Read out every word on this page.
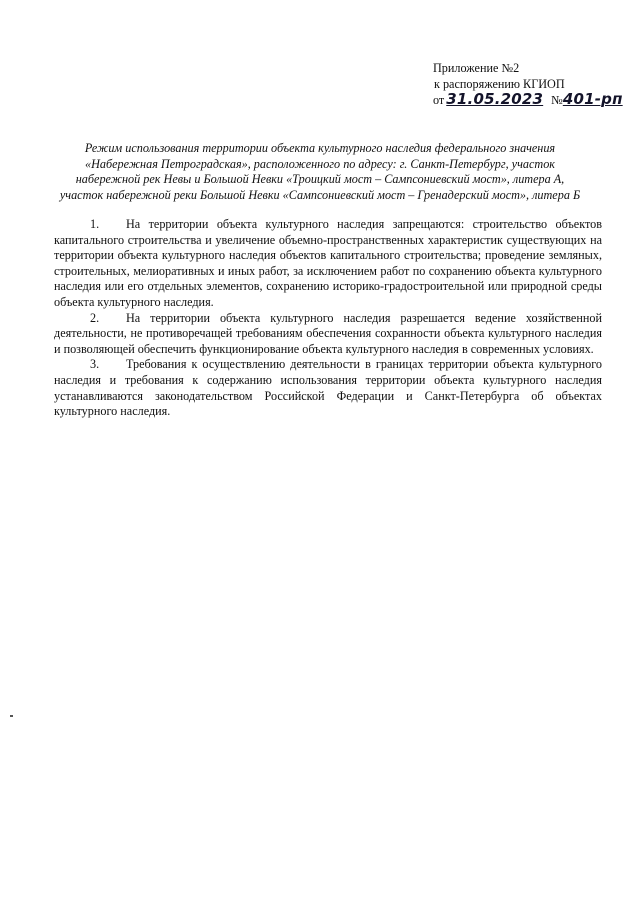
Приложение №2
к распоряжению КГИОП
от 31.05.2023 №401-рп
Режим использования территории объекта культурного наследия федерального значения
«Набережная Петроградская», расположенного по адресу: г. Санкт-Петербург, участок
набережной рек Невы и Большой Невки «Троицкий мост – Сампсониевский мост», литера А,
участок набережной реки Большой Невки «Сампсониевский мост – Гренадерский мост», литера Б

1. На территории объекта культурного наследия запрещаются: строительство объектов капитального строительства и увеличение объемно-пространственных характеристик существующих на территории объекта культурного наследия объектов капитального строительства; проведение земляных, строительных, мелиоративных и иных работ, за исключением работ по сохранению объекта культурного наследия или его отдельных элементов, сохранению историко-градостроительной или природной среды объекта культурного наследия.

2. На территории объекта культурного наследия разрешается ведение хозяйственной деятельности, не противоречащей требованиям обеспечения сохранности объекта культурного наследия и позволяющей обеспечить функционирование объекта культурного наследия в современных условиях.

3. Требования к осуществлению деятельности в границах территории объекта культурного наследия и требования к содержанию использования территории объекта культурного наследия устанавливаются законодательством Российской Федерации и Санкт-Петербурга об объектах культурного наследия.
